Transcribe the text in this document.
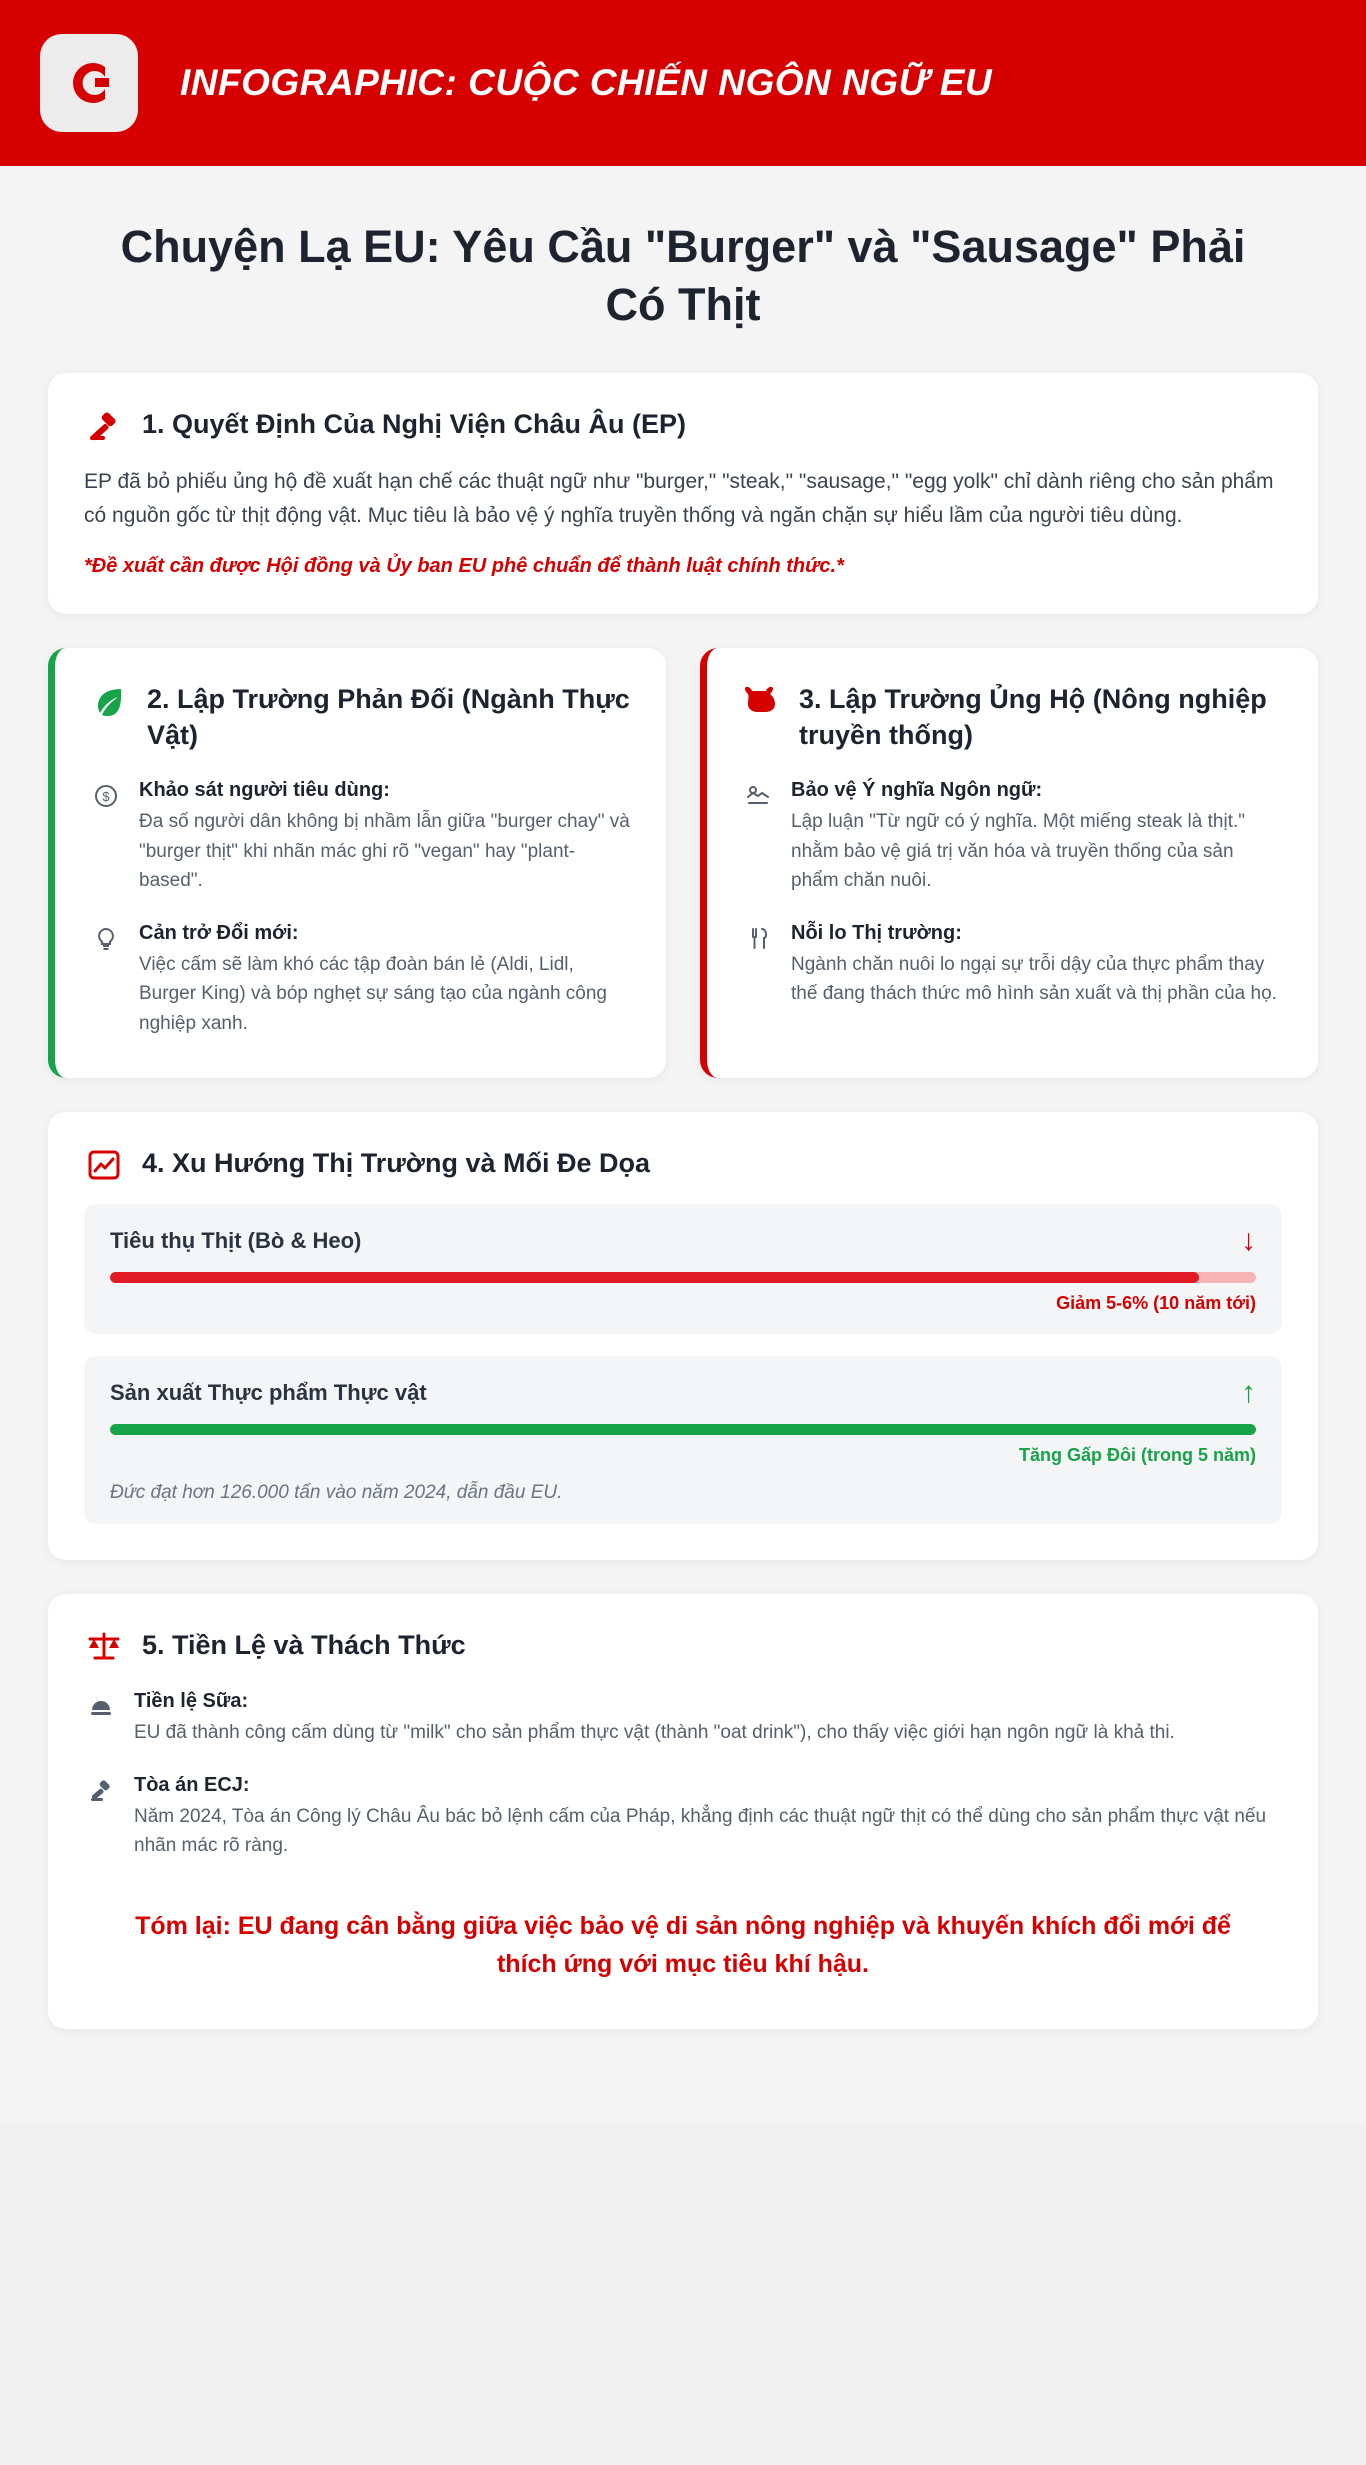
INFOGRAPHIC: CUỘC CHIẾN NGÔN NGỮ EU
Chuyện Lạ EU: Yêu Cầu "Burger" và "Sausage" Phải Có Thịt
1. Quyết Định Của Nghị Viện Châu Âu (EP)
EP đã bỏ phiếu ủng hộ đề xuất hạn chế các thuật ngữ như "burger," "steak," "sausage," "egg yolk" chỉ dành riêng cho sản phẩm có nguồn gốc từ thịt động vật. Mục tiêu là bảo vệ ý nghĩa truyền thống và ngăn chặn sự hiểu lầm của người tiêu dùng.
*Đề xuất cần được Hội đồng và Ủy ban EU phê chuẩn để thành luật chính thức.*
2. Lập Trường Phản Đối (Ngành Thực Vật)
$ Khảo sát người tiêu dùng:
Đa số người dân không bị nhầm lẫn giữa "burger chay" và "burger thịt" khi nhãn mác ghi rõ "vegan" hay "plant-based".
Cản trở Đổi mới:
Việc cấm sẽ làm khó các tập đoàn bán lẻ (Aldi, Lidl, Burger King) và bóp nghẹt sự sáng tạo của ngành công nghiệp xanh.
3. Lập Trường Ủng Hộ (Nông nghiệp truyền thống)
Bảo vệ Ý nghĩa Ngôn ngữ:
Lập luận "Từ ngữ có ý nghĩa. Một miếng steak là thịt." nhằm bảo vệ giá trị văn hóa và truyền thống của sản phẩm chăn nuôi.
Nỗi lo Thị trường:
Ngành chăn nuôi lo ngại sự trỗi dậy của thực phẩm thay thế đang thách thức mô hình sản xuất và thị phần của họ.
4. Xu Hướng Thị Trường và Mối Đe Dọa
Tiêu thụ Thịt (Bò & Heo)	↓
Giảm 5-6% (10 năm tới)
Sản xuất Thực phẩm Thực vật	↑
Tăng Gấp Đôi (trong 5 năm)
Đức đạt hơn 126.000 tấn vào năm 2024, dẫn đầu EU.
5. Tiền Lệ và Thách Thức
Tiền lệ Sữa:
EU đã thành công cấm dùng từ "milk" cho sản phẩm thực vật (thành "oat drink"), cho thấy việc giới hạn ngôn ngữ là khả thi.
Tòa án ECJ:
Năm 2024, Tòa án Công lý Châu Âu bác bỏ lệnh cấm của Pháp, khẳng định các thuật ngữ thịt có thể dùng cho sản phẩm thực vật nếu nhãn mác rõ ràng.
Tóm lại: EU đang cân bằng giữa việc bảo vệ di sản nông nghiệp và khuyến khích đổi mới để thích ứng với mục tiêu khí hậu.
